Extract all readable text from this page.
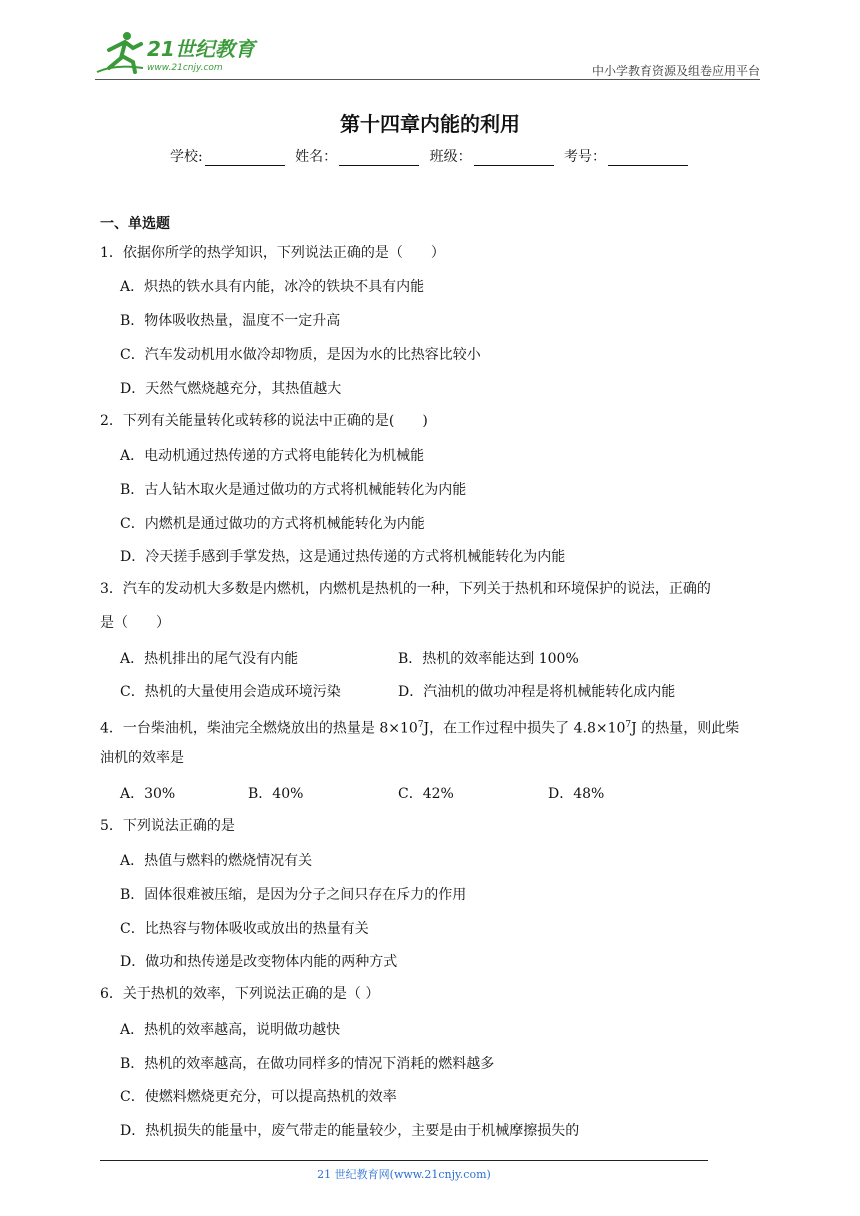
21世纪教育
www.21cnjy.com	中小学教育资源及组卷应用平台
第十四章内能的利用
学校:	姓名：	班级：	考号：
一、单选题
1．依据你所学的热学知识，下列说法正确的是（　　）
A．炽热的铁水具有内能，冰冷的铁块不具有内能
B．物体吸收热量，温度不一定升高
C．汽车发动机用水做冷却物质，是因为水的比热容比较小
D．天然气燃烧越充分，其热值越大
2．下列有关能量转化或转移的说法中正确的是(　　)
A．电动机通过热传递的方式将电能转化为机械能
B．古人钻木取火是通过做功的方式将机械能转化为内能
C．内燃机是通过做功的方式将机械能转化为内能
D．冷天搓手感到手掌发热，这是通过热传递的方式将机械能转化为内能
3．汽车的发动机大多数是内燃机，内燃机是热机的一种，下列关于热机和环境保护的说法，正确的
是（　　）
A．热机排出的尾气没有内能	B．热机的效率能达到 100%
C．热机的大量使用会造成环境污染	D．汽油机的做功冲程是将机械能转化成内能
4．一台柴油机，柴油完全燃烧放出的热量是 $8\times 10^7J$，在工作过程中损失了 $4.8\times 10^7J$ 的热量，则此柴
油机的效率是
A．30%	B．40%	C．42%	D．48%
5．下列说法正确的是
A．热值与燃料的燃烧情况有关
B．固体很难被压缩，是因为分子之间只存在斥力的作用
C．比热容与物体吸收或放出的热量有关
D．做功和热传递是改变物体内能的两种方式
6．关于热机的效率，下列说法正确的是（ ）
A．热机的效率越高，说明做功越快
B．热机的效率越高，在做功同样多的情况下消耗的燃料越多
C．使燃料燃烧更充分，可以提高热机的效率
D．热机损失的能量中，废气带走的能量较少，主要是由于机械摩擦损失的
21 世纪教育网(www.21cnjy.com)
